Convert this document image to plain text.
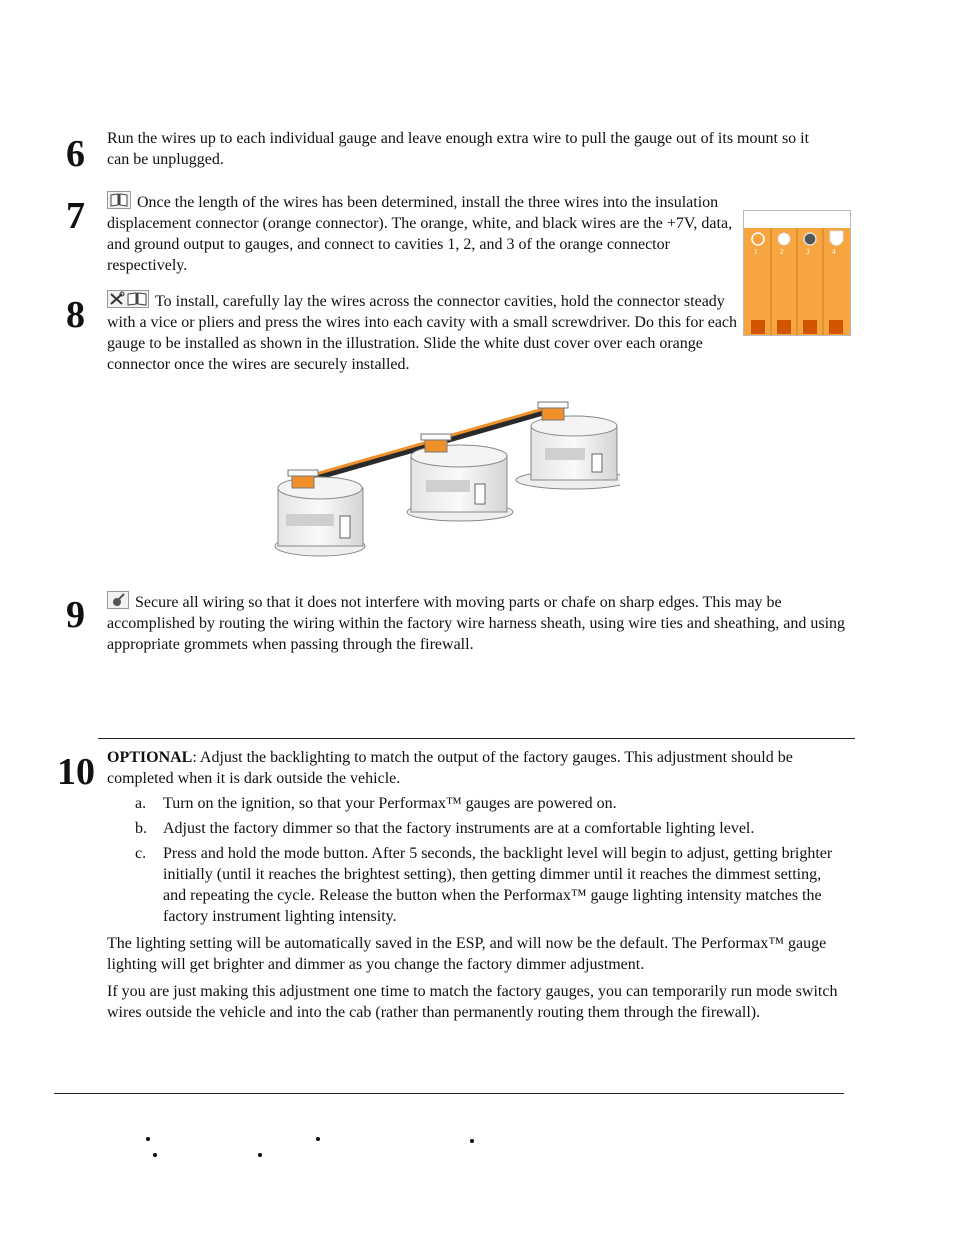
6 Run the wires up to each individual gauge and leave enough extra wire to pull the gauge out of its mount so it can be unplugged.
7	Once the length of the wires has been determined, install the three wires into the insulation displacement connector (orange connector). The orange, white, and black wires are the +7V, data, and ground output to gauges, and connect to cavities 1, 2, and 3 of the orange connector respectively.
1	2	3	4
8	To install, carefully lay the wires across the connector cavities, hold the connector steady with a vice or pliers and press the wires into each cavity with a small screwdriver. Do this for each gauge to be installed as shown in the illustration. Slide the white dust cover over each orange connector once the wires are securely installed.
9	Secure all wiring so that it does not interfere with moving parts or chafe on sharp edges. This may be accomplished by routing the wiring within the factory wire harness sheath, using wire ties and sheathing, and using appropriate grommets when passing through the firewall.
10 OPTIONAL: Adjust the backlighting to match the output of the factory gauges. This adjustment should be completed when it is dark outside the vehicle.
a. Turn on the ignition, so that your Performax™ gauges are powered on.
b. Adjust the factory dimmer so that the factory instruments are at a comfortable lighting level.
c. Press and hold the mode button. After 5 seconds, the backlight level will begin to adjust, getting brighter initially (until it reaches the brightest setting), then getting dimmer until it reaches the dimmest setting, and repeating the cycle. Release the button when the Performax™ gauge lighting intensity matches the factory instrument lighting intensity.
The lighting setting will be automatically saved in the ESP, and will now be the default. The Performax™ gauge lighting will get brighter and dimmer as you change the factory dimmer adjustment.
If you are just making this adjustment one time to match the factory gauges, you can temporarily run mode switch wires outside the vehicle and into the cab (rather than permanently routing them through the firewall).
